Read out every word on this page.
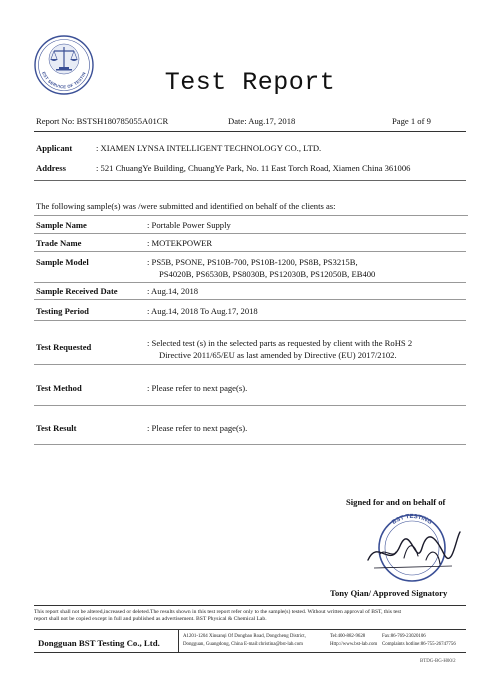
EST SERVICE OF TESTIN	Test Report
Report No: BSTSH180785055A01CR	Date: Aug.17, 2018	Page 1 of 9
Applicant	: XIAMEN LYNSA INTELLIGENT TECHNOLOGY CO., LTD.
Address	: 521 ChuangYe Building, ChuangYe Park, No. 11 East Torch Road, Xiamen China 361006
The following sample(s) was /were submitted and identified on behalf of the clients as:
Sample Name	: Portable Power Supply
Trade Name	: MOTEKPOWER
Sample Model	: PS5B, PSONE, PS10B-700, PS10B-1200, PS8B, PS3215B,
PS4020B, PS6530B, PS8030B, PS12030B, PS12050B, EB400
Sample Received Date	: Aug.14, 2018
Testing Period	: Aug.14, 2018 To Aug.17, 2018
Test Requested	: Selected test (s) in the selected parts as requested by client with the RoHS 2
Directive 2011/65/EU as last amended by Directive (EU) 2017/2102.
Test Method	: Please refer to next page(s).
Test Result	: Please refer to next page(s).
Signed for and on behalf of
BST TESTING
Tony Qian/ Approved Signatory
This report shall not be altered,increased or deleted.The results shown in this test report refer only to the sample(s) tested. Without written approval of BST, this test
report shall not be copied except in full and published as advertisement. BST Physical & Chemical Lab.
Dongguan BST Testing Co., Ltd.
A1201-1204 Xinsanqi Of Dongbao Road, Dongcheng District,
Dongguan, Guangdong, China E-mail:christina@bst-lab.com
Tel:400-882-9628
Http://www.bst-lab.com
Fax:86-769-23020106
Complaints hotline:86-755-26747756
BTDG-BG-H00/2
